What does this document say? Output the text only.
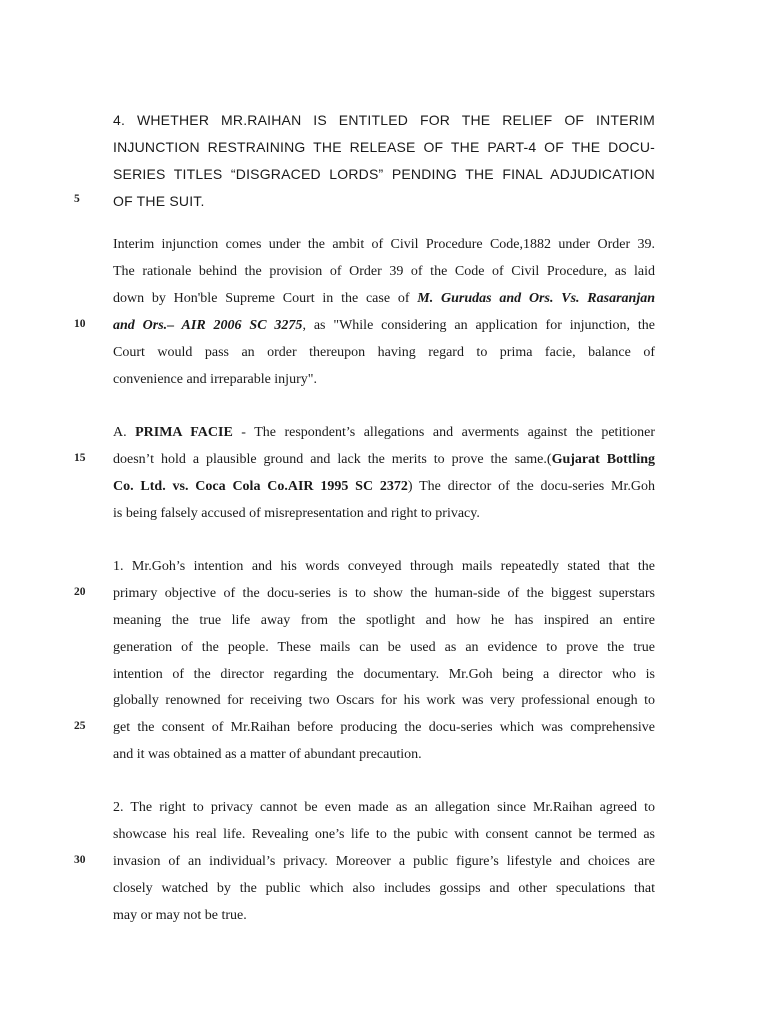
5
10
15
20
25
30
4. WHETHER MR.RAIHAN IS ENTITLED FOR THE RELIEF OF INTERIM
INJUNCTION RESTRAINING THE RELEASE OF THE PART-4 OF THE DOCU-
SERIES TITLES “DISGRACED LORDS” PENDING THE FINAL ADJUDICATION
OF THE SUIT.
Interim injunction comes under the ambit of Civil Procedure Code,1882 under Order 39.
The rationale behind the provision of Order 39 of the Code of Civil Procedure, as laid
down by Hon'ble Supreme Court in the case of M. Gurudas and Ors. Vs. Rasaranjan
and Ors.– AIR 2006 SC 3275, as "While considering an application for injunction, the
Court would pass an order thereupon having regard to prima facie, balance of
convenience and irreparable injury".
A. PRIMA FACIE - The respondent’s allegations and averments against the petitioner
doesn’t hold a plausible ground and lack the merits to prove the same.(Gujarat Bottling
Co. Ltd. vs. Coca Cola Co.AIR 1995 SC 2372) The director of the docu-series Mr.Goh
is being falsely accused of misrepresentation and right to privacy.
1. Mr.Goh’s intention and his words conveyed through mails repeatedly stated that the
primary objective of the docu-series is to show the human-side of the biggest superstars
meaning the true life away from the spotlight and how he has inspired an entire
generation of the people. These mails can be used as an evidence to prove the true
intention of the director regarding the documentary. Mr.Goh being a director who is
globally renowned for receiving two Oscars for his work was very professional enough to
get the consent of Mr.Raihan before producing the docu-series which was comprehensive
and it was obtained as a matter of abundant precaution.
2. The right to privacy cannot be even made as an allegation since Mr.Raihan agreed to
showcase his real life. Revealing one’s life to the pubic with consent cannot be termed as
invasion of an individual’s privacy. Moreover a public figure’s lifestyle and choices are
closely watched by the public which also includes gossips and other speculations that
may or may not be true.
